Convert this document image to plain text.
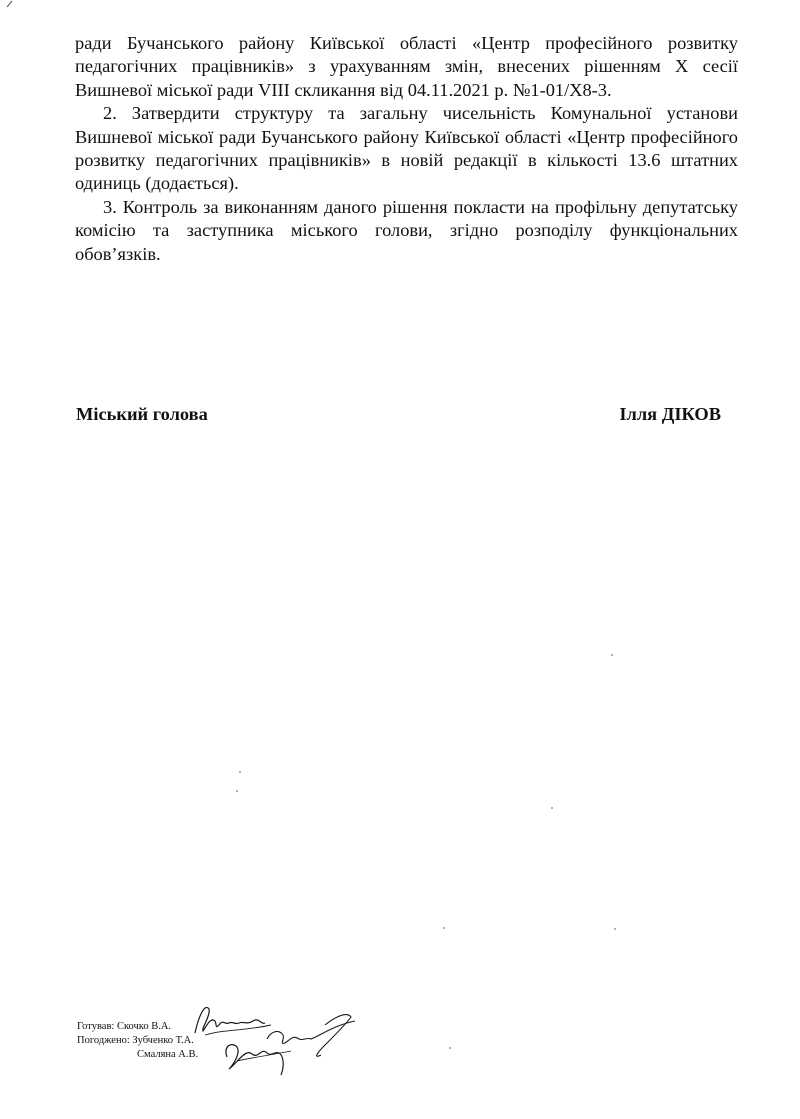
ради Бучанського району Київської області «Центр професійного розвитку педагогічних працівників» з урахуванням змін, внесених рішенням Х сесії Вишневої міської ради VIII скликання від 04.11.2021 р. №1-01/Х8-3.

2. Затвердити структуру та загальну чисельність Комунальної установи Вишневої міської ради Бучанського району Київської області «Центр професійного розвитку педагогічних працівників» в новій редакції в кількості 13.6 штатних одиниць (додається).

3. Контроль за виконанням даного рішення покласти на профільну депутатську комісію та заступника міського голови, згідно розподілу функціональних обов’язків.

Міський голова	Ілля ДІКОВ
Готував: Скочко В.А.
Погоджено: Зубченко Т.А.
Смаляна А.В.
